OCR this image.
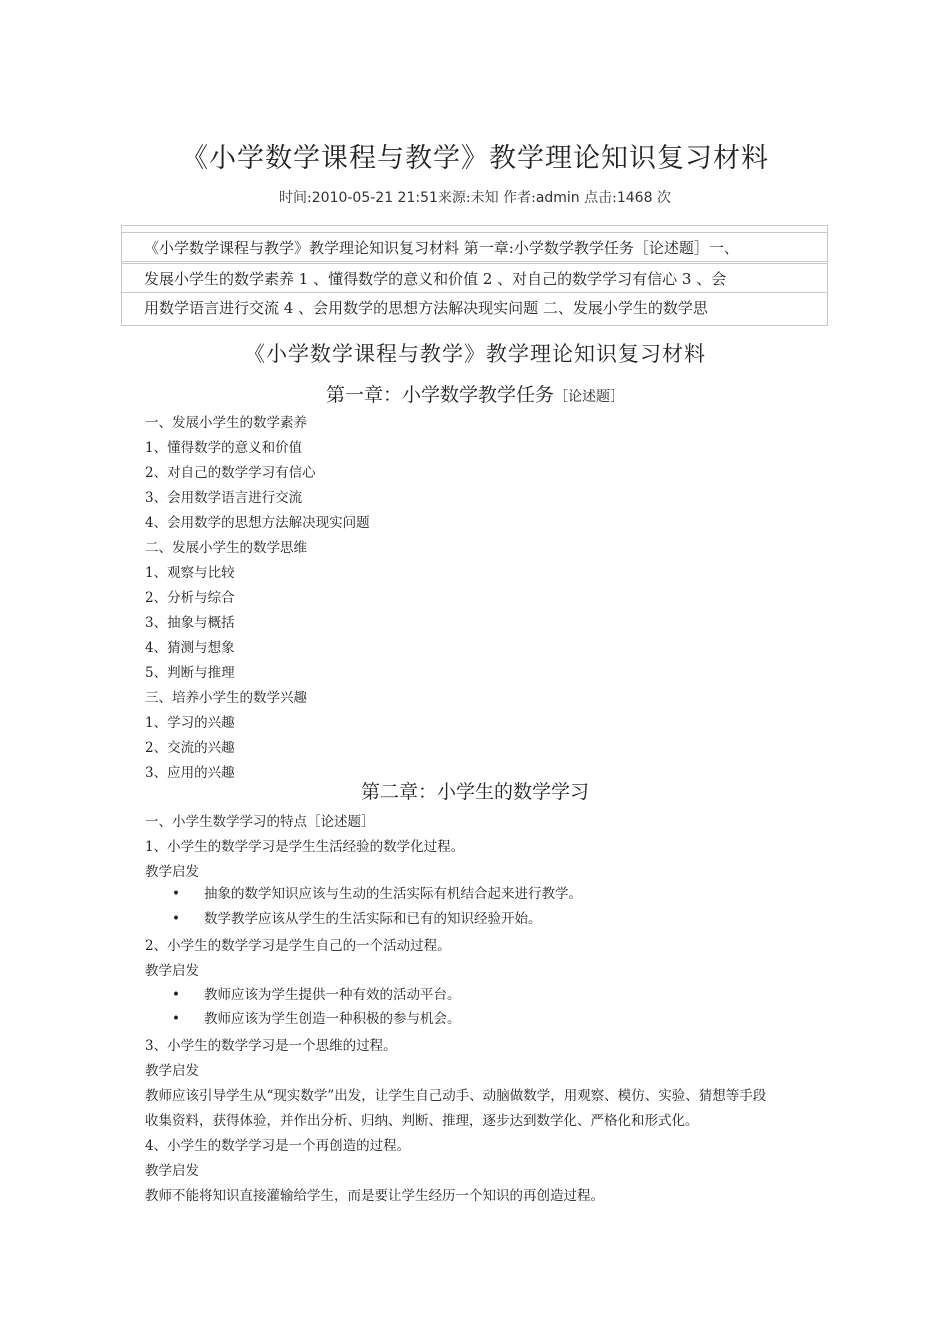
《小学数学课程与教学》教学理论知识复习材料
时间:2010-05-21 21:51来源:未知 作者:admin 点击:1468 次
《小学数学课程与教学》教学理论知识复习材料 第一章:小学数学教学任务［论述题］一、
发展小学生的数学素养 1 、懂得数学的意义和价值 2 、对自己的数学学习有信心 3 、会
用数学语言进行交流 4 、会用数学的思想方法解决现实问题 二、发展小学生的数学思
《小学数学课程与教学》教学理论知识复习材料
第一章：小学数学教学任务［论述题］
一、发展小学生的数学素养
1、懂得数学的意义和价值
2、对自己的数学学习有信心
3、会用数学语言进行交流
4、会用数学的思想方法解决现实问题
二、发展小学生的数学思维
1、观察与比较
2、分析与综合
3、抽象与概括
4、猜测与想象
5、判断与推理
三、培养小学生的数学兴趣
1、学习的兴趣
2、交流的兴趣
3、应用的兴趣
第二章：小学生的数学学习
一、小学生数学学习的特点［论述题］
1、小学生的数学学习是学生生活经验的数学化过程。
教学启发
• 抽象的数学知识应该与生动的生活实际有机结合起来进行教学。
• 数学教学应该从学生的生活实际和已有的知识经验开始。
2、小学生的数学学习是学生自己的一个活动过程。
教学启发
• 教师应该为学生提供一种有效的活动平台。
• 教师应该为学生创造一种积极的参与机会。
3、小学生的数学学习是一个思维的过程。
教学启发
教师应该引导学生从“现实数学”出发，让学生自己动手、动脑做数学，用观察、模仿、实验、猜想等手段
收集资料，获得体验，并作出分析、归纳、判断、推理，逐步达到数学化、严格化和形式化。
4、小学生的数学学习是一个再创造的过程。
教学启发
教师不能将知识直接灌输给学生，而是要让学生经历一个知识的再创造过程。
